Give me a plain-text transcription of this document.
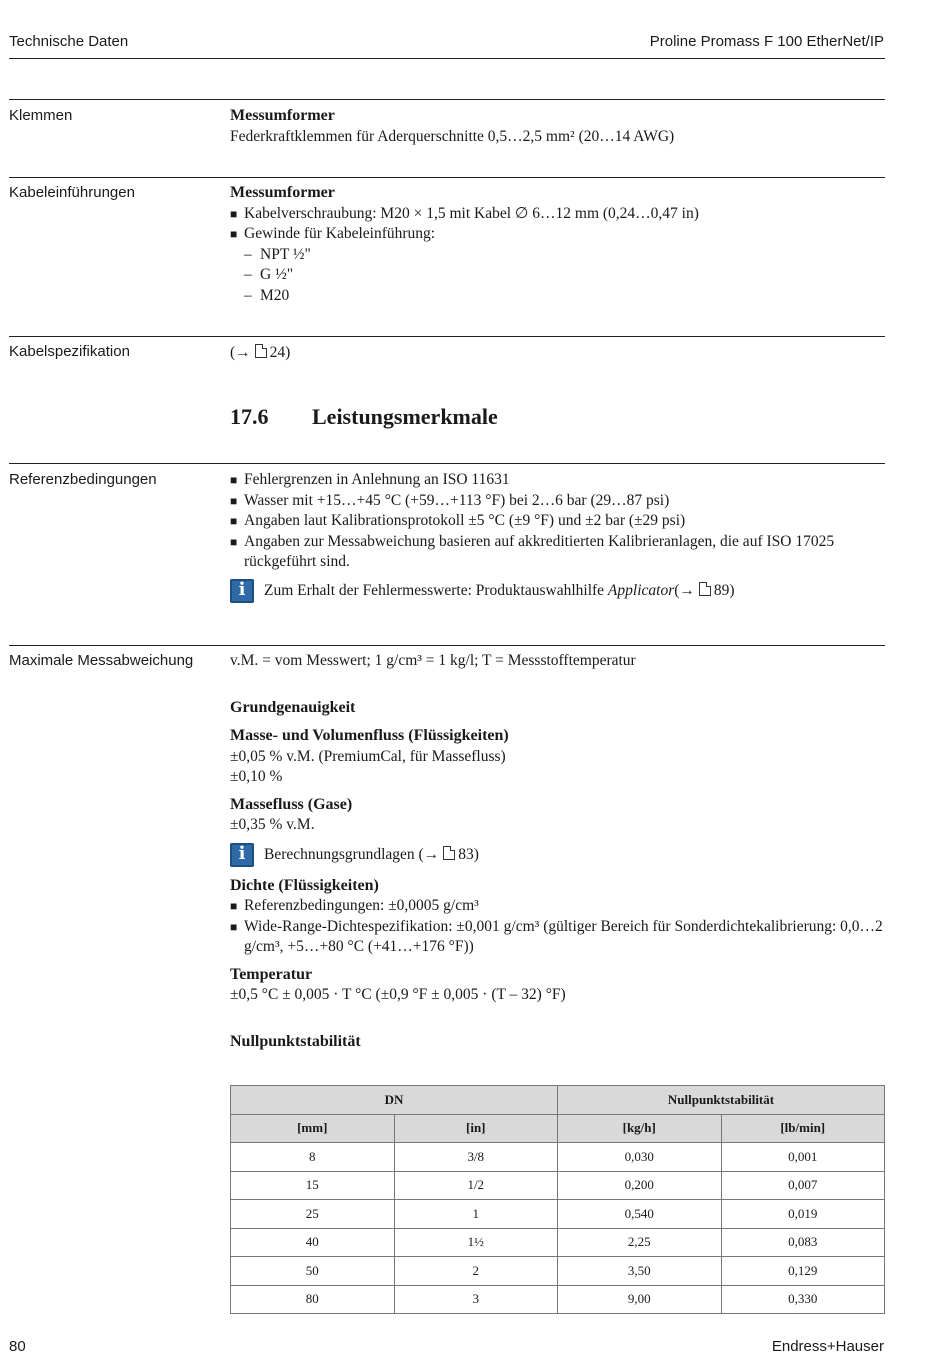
Technische Daten	Proline Promass F 100 EtherNet/IP
Klemmen	Messumformer
Federkraftklemmen für Aderquerschnitte 0,5…2,5 mm² (20…14 AWG)
Kabeleinführungen	Messumformer
■ Kabelverschraubung: M20 × 1,5 mit Kabel ∅ 6…12 mm (0,24…0,47 in)
■ Gewinde für Kabeleinführung:
– NPT ½"
– G ½"
– M20
Kabelspezifikation	(→ 24)
17.6 Leistungsmerkmale
Referenzbedingungen	■ Fehlergrenzen in Anlehnung an ISO 11631
■ Wasser mit +15…+45 °C (+59…+113 °F) bei 2…6 bar (29…87 psi)
■ Angaben laut Kalibrationsprotokoll ±5 °C (±9 °F) und ±2 bar (±29 psi)
■ Angaben zur Messabweichung basieren auf akkreditierten Kalibrieranlagen, die auf ISO 17025 rückgeführt sind.
i	Zum Erhalt der Fehlermesswerte: Produktauswahlhilfe Applicator(→ 89)
Maximale Messabweichung v.M. = vom Messwert; 1 g/cm³ = 1 kg/l; T = Messstofftemperatur
Grundgenauigkeit
Masse- und Volumenfluss (Flüssigkeiten)
±0,05 % v.M. (PremiumCal, für Massefluss)
±0,10 %
Massefluss (Gase)
±0,35 % v.M.
i	Berechnungsgrundlagen (→ 83)
Dichte (Flüssigkeiten)
■ Referenzbedingungen: ±0,0005 g/cm³
■ Wide-Range-Dichtespezifikation: ±0,001 g/cm³ (gültiger Bereich für Sonderdichtekalibrierung: 0,0…2 g/cm³, +5…+80 °C (+41…+176 °F))
Temperatur
±0,5 °C ± 0,005 · T °C (±0,9 °F ± 0,005 · (T – 32) °F)
Nullpunktstabilität
DN		Nullpunktstabilität	
[mm]	[in]	[kg/h]	[lb/min]
8	3/8	0,030	0,001
15	1/2	0,200	0,007
25	1	0,540	0,019
40	1½	2,25	0,083
50	2	3,50	0,129
80	3	9,00	0,330
80	Endress+Hauser
